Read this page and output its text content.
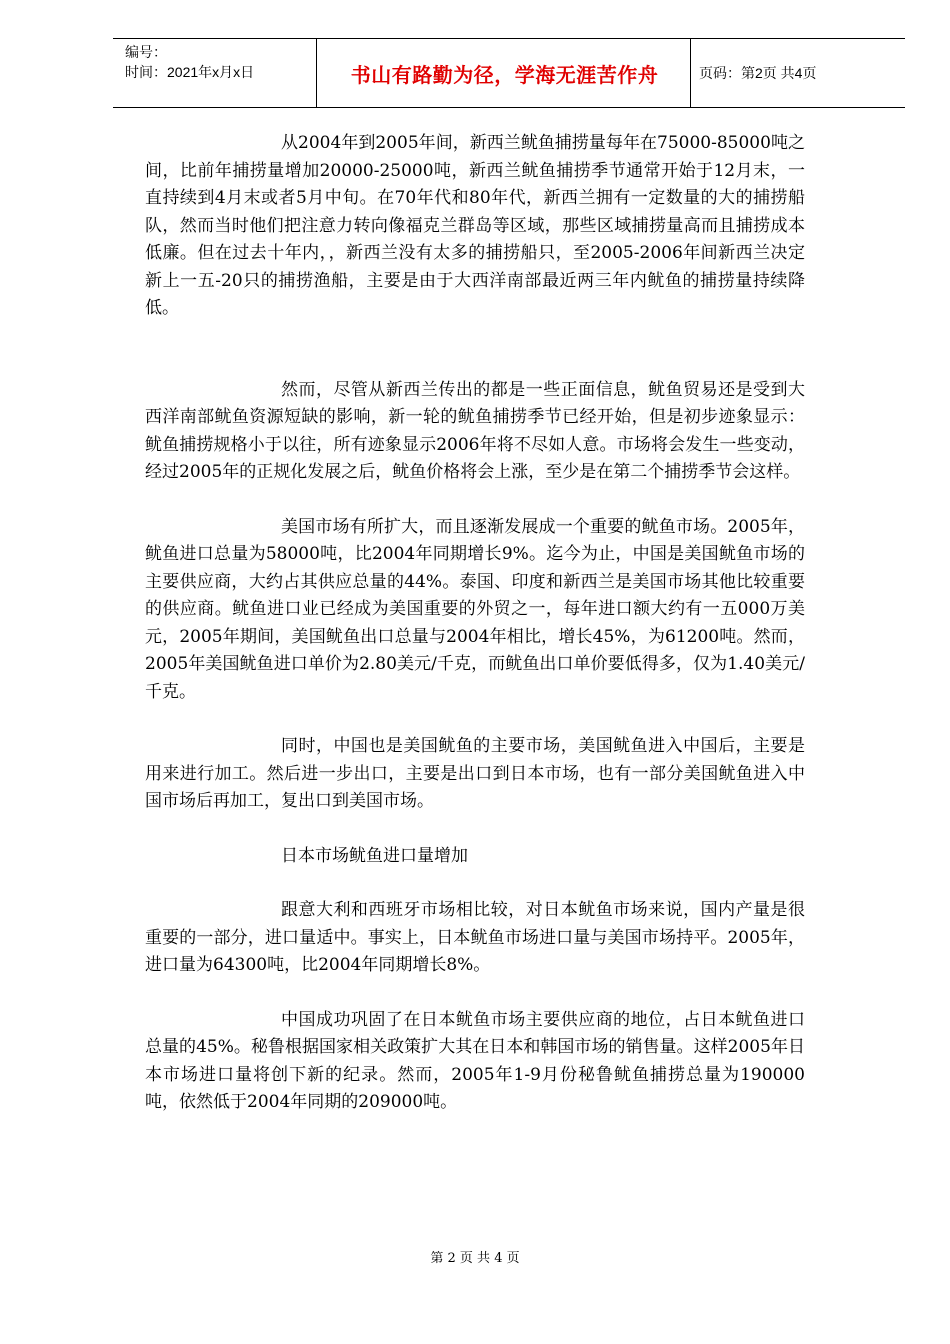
编号：
时间：2021年x月x日	书山有路勤为径，学海无涯苦作舟	页码：第2页 共4页

从2004年到2005年间，新西兰鱿鱼捕捞量每年在75000-85000吨之间，比前年捕捞量增加20000-25000吨，新西兰鱿鱼捕捞季节通常开始于12月末，一直持续到4月末或者5月中旬。在70年代和80年代，新西兰拥有一定数量的大的捕捞船队，然而当时他们把注意力转向像福克兰群岛等区域，那些区域捕捞量高而且捕捞成本低廉。但在过去十年内，，新西兰没有太多的捕捞船只，至2005-2006年间新西兰决定新上一五-20只的捕捞渔船，主要是由于大西洋南部最近两三年内鱿鱼的捕捞量持续降低。

然而，尽管从新西兰传出的都是一些正面信息，鱿鱼贸易还是受到大西洋南部鱿鱼资源短缺的影响，新一轮的鱿鱼捕捞季节已经开始，但是初步迹象显示：鱿鱼捕捞规格小于以往，所有迹象显示2006年将不尽如人意。市场将会发生一些变动，经过2005年的正规化发展之后，鱿鱼价格将会上涨，至少是在第二个捕捞季节会这样。

美国市场有所扩大，而且逐渐发展成一个重要的鱿鱼市场。2005年，鱿鱼进口总量为58000吨，比2004年同期增长9%。迄今为止，中国是美国鱿鱼市场的主要供应商，大约占其供应总量的44%。泰国、印度和新西兰是美国市场其他比较重要的供应商。鱿鱼进口业已经成为美国重要的外贸之一，每年进口额大约有一五000万美元，2005年期间，美国鱿鱼出口总量与2004年相比，增长45%，为61200吨。然而，2005年美国鱿鱼进口单价为2.80美元/千克，而鱿鱼出口单价要低得多，仅为1.40美元/千克。

同时，中国也是美国鱿鱼的主要市场，美国鱿鱼进入中国后，主要是用来进行加工。然后进一步出口，主要是出口到日本市场，也有一部分美国鱿鱼进入中国市场后再加工，复出口到美国市场。

日本市场鱿鱼进口量增加

跟意大利和西班牙市场相比较，对日本鱿鱼市场来说，国内产量是很重要的一部分，进口量适中。事实上，日本鱿鱼市场进口量与美国市场持平。2005年，进口量为64300吨，比2004年同期增长8%。

中国成功巩固了在日本鱿鱼市场主要供应商的地位，占日本鱿鱼进口总量的45%。秘鲁根据国家相关政策扩大其在日本和韩国市场的销售量。这样2005年日本市场进口量将创下新的纪录。然而，2005年1-9月份秘鲁鱿鱼捕捞总量为190000吨，依然低于2004年同期的209000吨。

第 2 页 共 4 页
